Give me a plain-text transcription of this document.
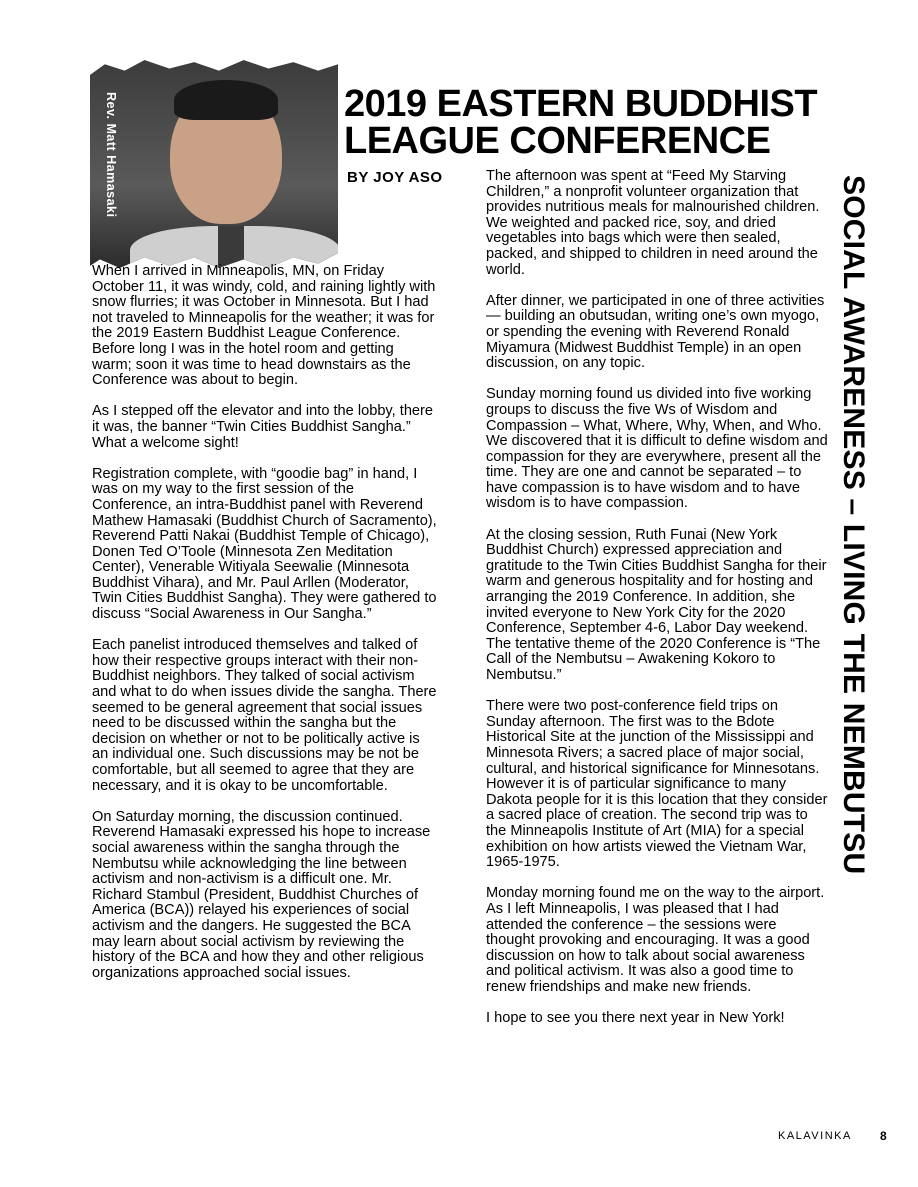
Rev. Matt Hamasaki	2019 EASTERN BUDDHIST LEAGUE CONFERENCE
BY JOY ASO

When I arrived in Minneapolis, MN, on Friday October 11, it was windy, cold, and raining lightly with snow flurries; it was October in Minnesota. But I had not traveled to Minneapolis for the weather; it was for the 2019 Eastern Buddhist League Conference. Before long I was in the hotel room and getting warm; soon it was time to head downstairs as the Conference was about to begin.

As I stepped off the elevator and into the lobby, there it was, the banner “Twin Cities Buddhist Sangha.” What a welcome sight!

Registration complete, with “goodie bag” in hand, I was on my way to the first session of the Conference, an intra-Buddhist panel with Reverend Mathew Hamasaki (Buddhist Church of Sacramento), Reverend Patti Nakai (Buddhist Temple of Chicago), Donen Ted O’Toole (Minnesota Zen Meditation Center), Venerable Witiyala Seewalie (Minnesota Buddhist Vihara), and Mr. Paul Arllen (Moderator, Twin Cities Buddhist Sangha). They were gathered to discuss “Social Awareness in Our Sangha.”

Each panelist introduced themselves and talked of how their respective groups interact with their non-Buddhist neighbors. They talked of social activism and what to do when issues divide the sangha. There seemed to be general agreement that social issues need to be discussed within the sangha but the decision on whether or not to be politically active is an individual one. Such discussions may be not be comfortable, but all seemed to agree that they are necessary, and it is okay to be uncomfortable.

On Saturday morning, the discussion continued. Reverend Hamasaki expressed his hope to increase social awareness within the sangha through the Nembutsu while acknowledging the line between activism and non-activism is a difficult one. Mr. Richard Stambul (President, Buddhist Churches of America (BCA)) relayed his experiences of social activism and the dangers. He suggested the BCA may learn about social activism by reviewing the history of the BCA and how they and other religious organizations approached social issues.

The afternoon was spent at “Feed My Starving Children,” a nonprofit volunteer organization that provides nutritious meals for malnourished children. We weighted and packed rice, soy, and dried vegetables into bags which were then sealed, packed, and shipped to children in need around the world.

After dinner, we participated in one of three activities— building an obutsudan, writing one’s own myogo, or spending the evening with Reverend Ronald Miyamura (Midwest Buddhist Temple) in an open discussion, on any topic.

Sunday morning found us divided into five working groups to discuss the five Ws of Wisdom and Compassion – What, Where, Why, When, and Who. We discovered that it is difficult to define wisdom and compassion for they are everywhere, present all the time. They are one and cannot be separated – to have compassion is to have wisdom and to have wisdom is to have compassion.

At the closing session, Ruth Funai (New York Buddhist Church) expressed appreciation and gratitude to the Twin Cities Buddhist Sangha for their warm and generous hospitality and for hosting and arranging the 2019 Conference. In addition, she invited everyone to New York City for the 2020 Conference, September 4-6, Labor Day weekend. The tentative theme of the 2020 Conference is “The Call of the Nembutsu – Awakening Kokoro to Nembutsu.”

There were two post-conference field trips on Sunday afternoon. The first was to the Bdote Historical Site at the junction of the Mississippi and Minnesota Rivers; a sacred place of major social, cultural, and historical significance for Minnesotans. However it is of particular significance to many Dakota people for it is this location that they consider a sacred place of creation. The second trip was to the Minneapolis Institute of Art (MIA) for a special exhibition on how artists viewed the Vietnam War, 1965-1975.

Monday morning found me on the way to the airport. As I left Minneapolis, I was pleased that I had attended the conference – the sessions were thought provoking and encouraging. It was a good discussion on how to talk about social awareness and political activism. It was also a good time to renew friendships and make new friends.

I hope to see you there next year in New York!

SOCIAL AWARENESS – LIVING THE NEMBUTSU
KALAVINKA 8
